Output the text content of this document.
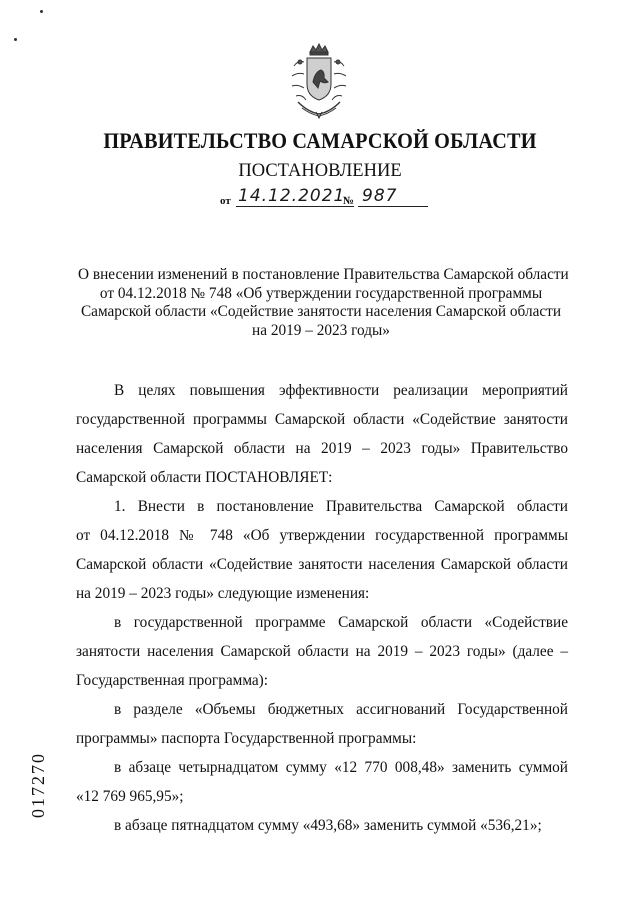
ПРАВИТЕЛЬСТВО САМАРСКОЙ ОБЛАСТИ
ПОСТАНОВЛЕНИЕ
от 14.12.2021
№ 987
О внесении изменений в постановление Правительства Самарской области
от 04.12.2018 № 748 «Об утверждении государственной программы
Самарской области «Содействие занятости населения Самарской области
на 2019 – 2023 годы»
В целях повышения эффективности реализации мероприятий
государственной программы Самарской области «Содействие занятости
населения Самарской области на 2019 – 2023 годы» Правительство
Самарской области ПОСТАНОВЛЯЕТ:
1. Внести в постановление Правительства Самарской области
от 04.12.2018 № 748 «Об утверждении государственной программы
Самарской области «Содействие занятости населения Самарской области
на 2019 – 2023 годы» следующие изменения:
в государственной программе Самарской области «Содействие
занятости населения Самарской области на 2019 – 2023 годы» (далее –
Государственная программа):
в разделе «Объемы бюджетных ассигнований Государственной
программы» паспорта Государственной программы:
в абзаце четырнадцатом сумму «12 770 008,48» заменить суммой
«12 769 965,95»;
в абзаце пятнадцатом сумму «493,68» заменить суммой «536,21»;
017270
